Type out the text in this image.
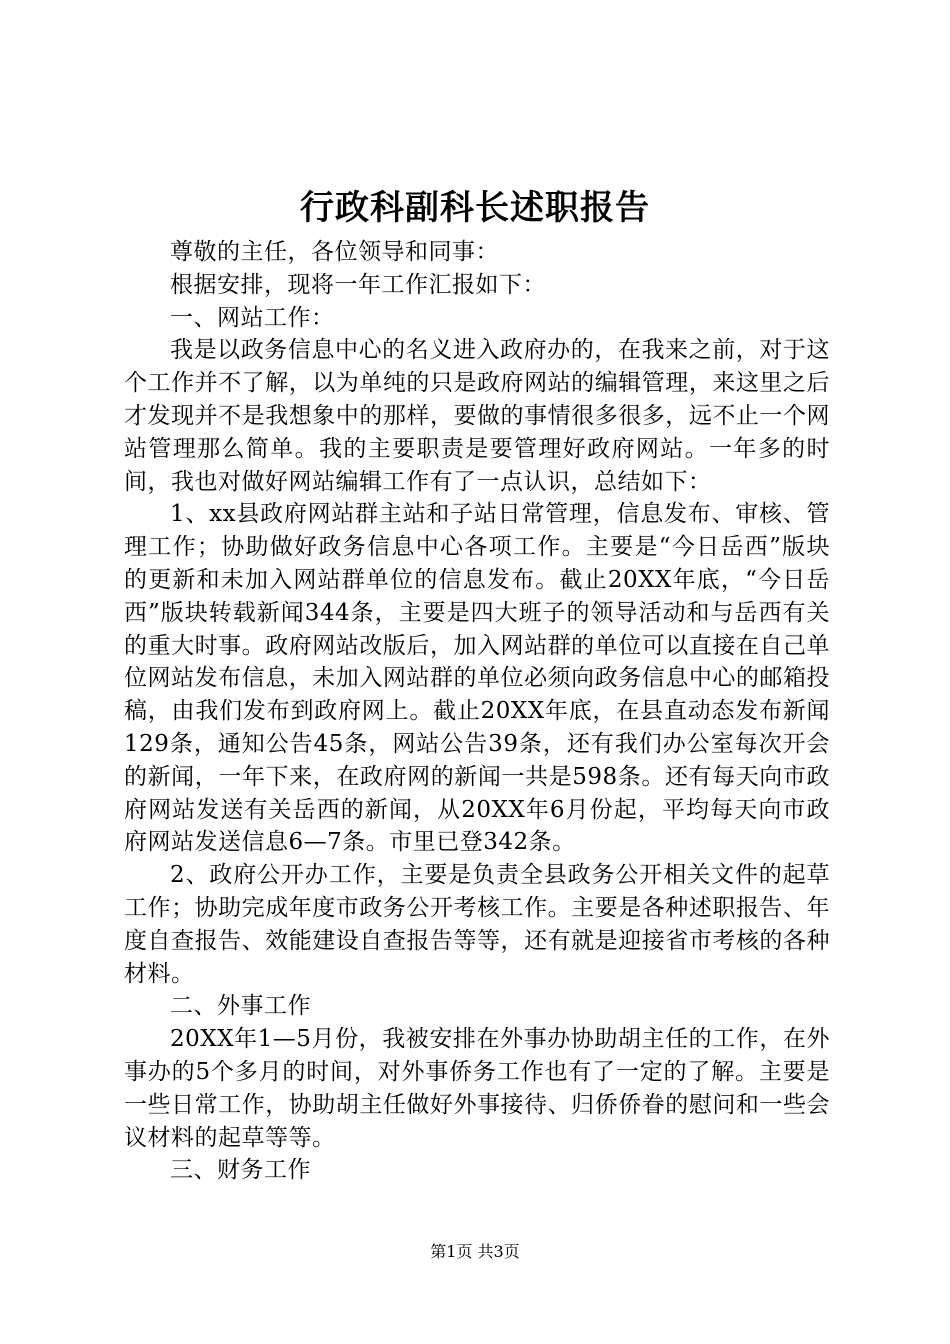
行政科副科长述职报告

尊敬的主任，各位领导和同事：

根据安排，现将一年工作汇报如下：

一、网站工作：

我是以政务信息中心的名义进入政府办的，在我来之前，对于这个工作并不了解，以为单纯的只是政府网站的编辑管理，来这里之后才发现并不是我想象中的那样，要做的事情很多很多，远不止一个网站管理那么简单。我的主要职责是要管理好政府网站。一年多的时间，我也对做好网站编辑工作有了一点认识，总结如下：

1、xx县政府网站群主站和子站日常管理，信息发布、审核、管理工作；协助做好政务信息中心各项工作。主要是“今日岳西”版块的更新和未加入网站群单位的信息发布。截止20XX年底，“今日岳西”版块转载新闻344条，主要是四大班子的领导活动和与岳西有关的重大时事。政府网站改版后，加入网站群的单位可以直接在自己单位网站发布信息，未加入网站群的单位必须向政务信息中心的邮箱投稿，由我们发布到政府网上。截止20XX年底，在县直动态发布新闻129条，通知公告45条，网站公告39条，还有我们办公室每次开会的新闻，一年下来，在政府网的新闻一共是598条。还有每天向市政府网站发送有关岳西的新闻，从20XX年6月份起，平均每天向市政府网站发送信息6—7条。市里已登342条。

2、政府公开办工作，主要是负责全县政务公开相关文件的起草工作；协助完成年度市政务公开考核工作。主要是各种述职报告、年度自查报告、效能建设自查报告等等，还有就是迎接省市考核的各种材料。

二、外事工作

20XX年1—5月份，我被安排在外事办协助胡主任的工作，在外事办的5个多月的时间，对外事侨务工作也有了一定的了解。主要是一些日常工作，协助胡主任做好外事接待、归侨侨眷的慰问和一些会议材料的起草等等。

三、财务工作

第1页 共3页
